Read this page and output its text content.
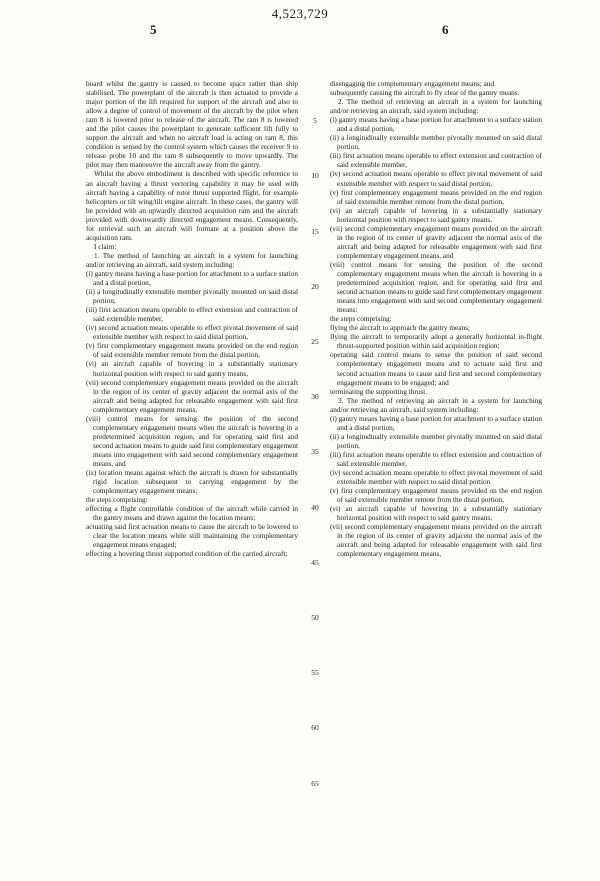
4,523,729
5	6

board whilst the gantry is caused to become space rather than ship stabilised. The powerplant of the aircraft is then actuated to provide a major portion of the lift required for support of the aircraft and also to allow a degree of control of movement of the aircraft by the pilot when ram 8 is lowered prior to release of the aircraft. The ram 8 is lowered and the pilot causes the powerplant to generate sufficient lift fully to support the aircraft and when no aircraft load is acting on ram 8, this condition is sensed by the control system which causes the receiver 9 to release probe 10 and the ram 8 subsequently to move upwardly. The pilot may then manoeuvre the aircraft away from the gantry.

Whilst the above embodiment is described with specific reference to an aircraft having a thrust vectoring capability it may be used with aircraft having a capability of rotor thrust supported flight, for example helicopters or tilt wing/tilt engine aircraft. In these cases, the gantry will be provided with an upwardly directed acquisition ram and the aircraft provided with downwardly directed engagement means. Consequently, for retrieval such an aircraft will formate at a position above the acquisition ram.

I claim:

1. The method of launching an aircraft in a system for launching and/or retrieving an aircraft, said system including:

(i) gantry means having a base portion for attachment to a surface station and a distal portion,

(ii) a longitudinally extensible member pivotally mounted on said distal portion,

(iii) first actuation means operable to effect extension and contraction of said extensible member,

(iv) second actuation means operable to effect pivotal movement of said extensible member with respect to said distal portion,

(v) first complementary engagement means provided on the end region of said extensible member remote from the distal portion,

(vi) an aircraft capable of hovering in a substantially stationary horizontal position with respect to said gantry means,

(vii) second complementary engagement means provided on the aircraft in the region of its center of gravity adjacent the normal axis of the aircraft and being adapted for releasable engagement with said first complementary engagement means,

(viii) control means for sensing the position of the second complementary engagement means when the aircraft is hovering in a predetermined acquisition region, and for operating said first and second actuation means to guide said first complementary engagement means into engagement with said second complementary engagement means, and

(ix) location means against which the aircraft is drawn for substantially rigid location subsequent to carrying engagement by the complementary engagement means:

the steps comprising:

effecting a flight controllable condition of the aircraft while carried in the gantry means and drawn against the location means;

actuating said first actuation means to cause the aircraft to be lowered to clear the location means while still maintaining the complementary engagement means engaged;

effecting a hovering thrust supported condition of the carried aircraft;

disengaging the complementary engagement means; and

subsequently causing the aircraft to fly clear of the gantry means.

2. The method of retrieving an aircraft in a system for launching and/or retrieving an aircraft, said system including:

(i) gantry means having a base portion for attachment to a surface station and a distal portion,

(ii) a longitudinally extensible member pivotally mounted on said distal portion,

(iii) first actuation means operable to effect extension and contraction of said extensible member,

(iv) second actuation means operable to effect pivotal movement of said extensible member with respect to said distal portion,

(v) first complementary engagement means provided on the end region of said extensible member remote from the distal portion,

(vi) an aircraft capable of hovering in a substantially stationary horizontal position with respect to said gantry means,

(vii) second complementary engagement means provided on the aircraft in the region of its center of gravity adjacent the normal axis of the aircraft and being adapted for releasable engagement with said first complementary engagement means, and

(viii) control means for sensing the position of the second complementary engagement means when the aircraft is hovering in a predetermined acquisition region, and for operating said first and second actuation means to guide said first complementary engagement means into engagement with said second complementary engagement means:

the steps comprising:

flying the aircraft to approach the gantry means;

flying the aircraft to temporarily adopt a generally horizontal in-flight thrust-supported position within said acquisition region;

operating said control means to sense the position of said second complementary engagement means and to actuate said first and second actuation means to cause said first and second complementary engagement means to be engaged; and

terminating the supporting thrust.

3. The method of retrieving an aircraft in a system for launching and/or retrieving an aircraft, said system including:

(i) gantry means having a base portion for attachment to a surface station and a distal portion,

(ii) a longitudinally extensible member pivotally mounted on said distal portion,

(iii) first actuation means operable to effect extension and contraction of said extensible member,

(iv) second actuation means operable to effect pivotal movement of said extensible member with respect to said distal portion

(v) first complementary engagement means provided on the end region of said extensible member remote from the distal portion,

(vi) an aircraft capable of hovering in a substantially stationary horizontal position with respect to said gantry means,

(vii) second complementary engagement means provided on the aircraft in the region of its center of gravity adjacent the normal axis of the aircraft and being adapted for releasable engagement with said first complementary engagement means,

5
10
15
20
25
30
35
40
45
50
55
60
65
